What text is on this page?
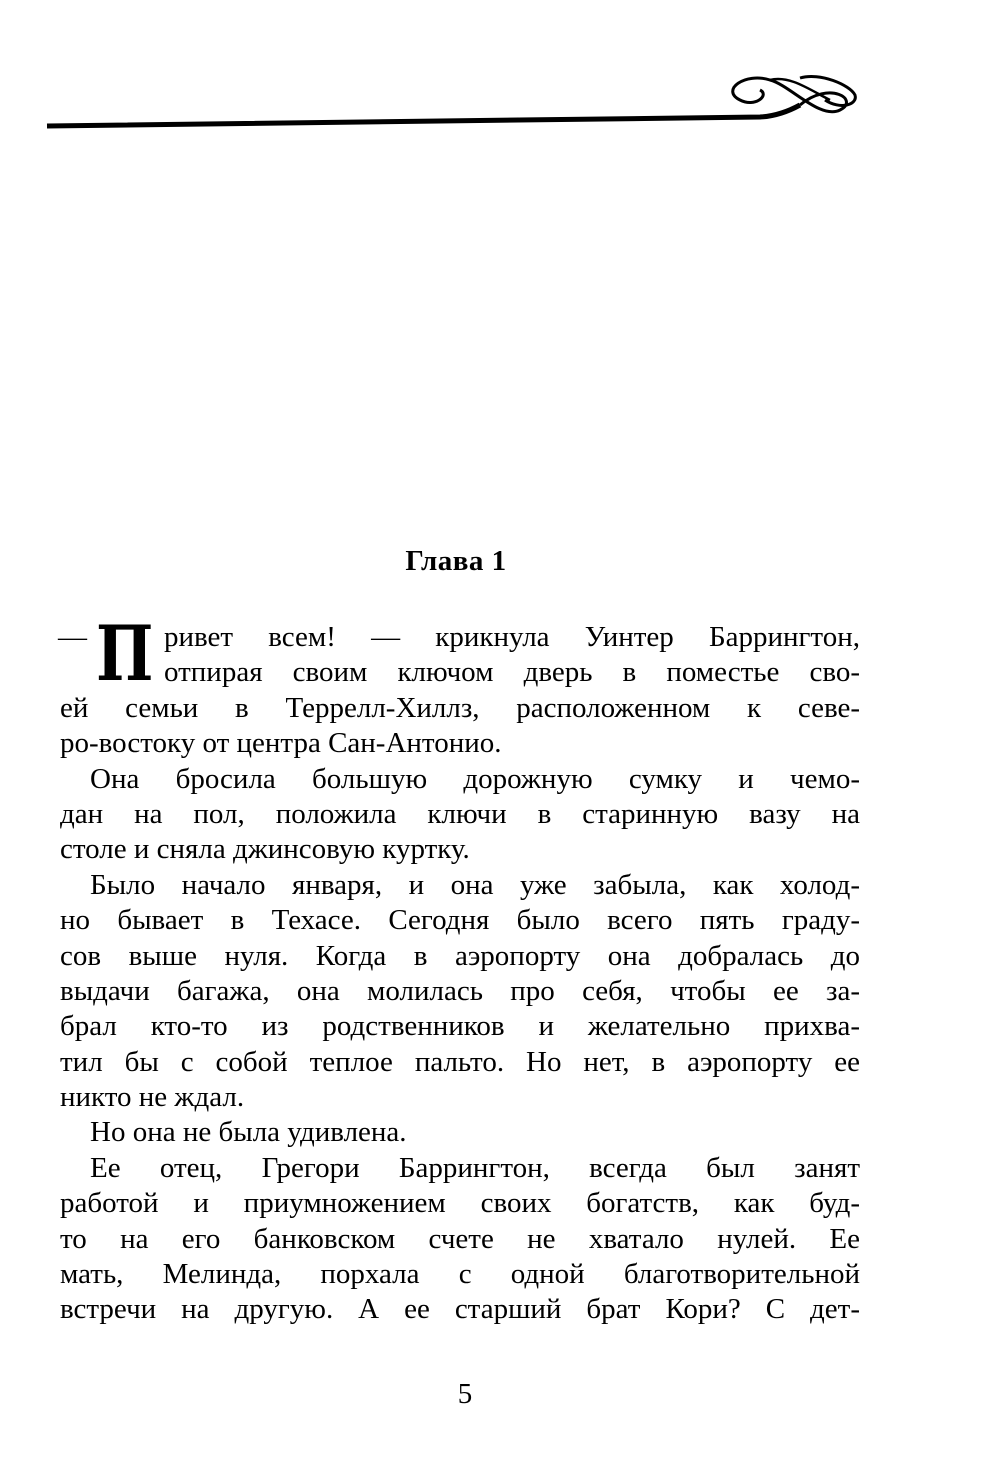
Глава 1
— П ривет всем! — крикнула Уинтер Баррингтон,
отпирая своим ключом дверь в поместье сво-
ей семьи в Террелл-Хиллз, расположенном к севе-
ро-востоку от центра Сан-Антонио.
Она бросила большую дорожную сумку и чемо-
дан на пол, положила ключи в старинную вазу на
столе и сняла джинсовую куртку.
Было начало января, и она уже забыла, как холод-
но бывает в Техасе. Сегодня было всего пять граду-
сов выше нуля. Когда в аэропорту она добралась до
выдачи багажа, она молилась про себя, чтобы ее за-
брал кто-то из родственников и желательно прихва-
тил бы с собой теплое пальто. Но нет, в аэропорту ее
никто не ждал.
Но она не была удивлена.
Ее отец, Грегори Баррингтон, всегда был занят
работой и приумножением своих богатств, как буд-
то на его банковском счете не хватало нулей. Ее
мать, Мелинда, порхала с одной благотворительной
встречи на другую. А ее старший брат Кори? С дет-
5
